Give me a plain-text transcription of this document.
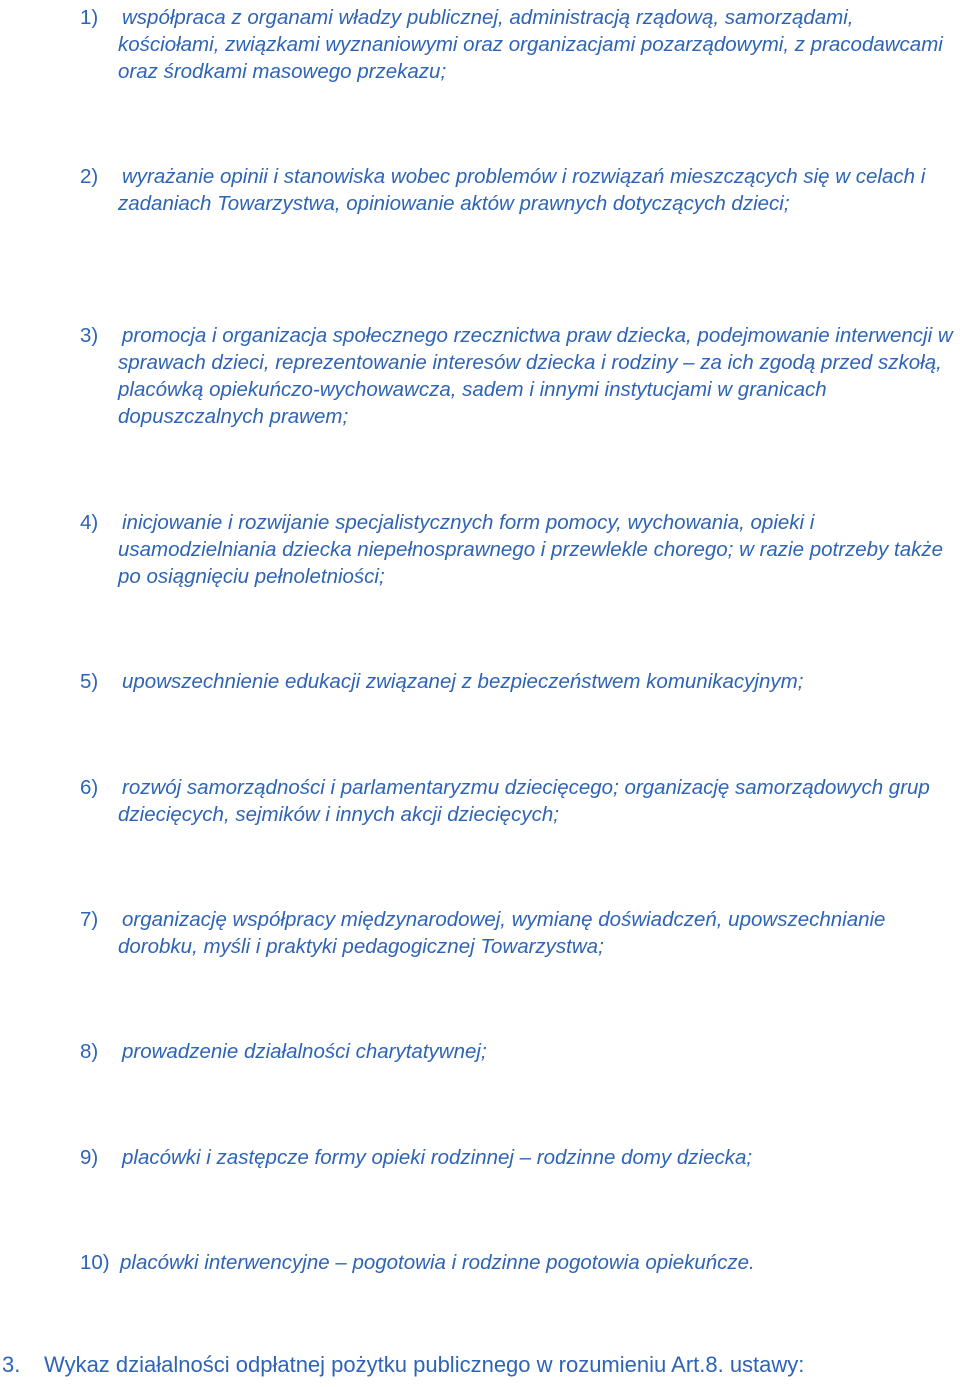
1)	współpraca z organami władzy publicznej, administracją rządową, samorządami, kościołami, związkami wyznaniowymi oraz organizacjami pozarządowymi, z pracodawcami oraz środkami masowego przekazu;
2)	wyrażanie opinii i stanowiska wobec problemów i rozwiązań mieszczących się w celach i zadaniach Towarzystwa, opiniowanie aktów prawnych dotyczących dzieci;
3)	promocja i organizacja społecznego rzecznictwa praw dziecka, podejmowanie interwencji w sprawach dzieci, reprezentowanie interesów dziecka i rodziny – za ich zgodą przed szkołą, placówką opiekuńczo-wychowawcza, sadem i innymi instytucjami w granicach dopuszczalnych prawem;
4)	inicjowanie i rozwijanie specjalistycznych form pomocy, wychowania, opieki i usamodzielniania dziecka niepełnosprawnego i przewlekle chorego; w razie potrzeby także po osiągnięciu pełnoletniości;
5)	upowszechnienie edukacji związanej z bezpieczeństwem komunikacyjnym;
6)	rozwój samorządności i parlamentaryzmu dziecięcego; organizację samorządowych grup dziecięcych, sejmików i innych akcji dziecięcych;
7)	organizację współpracy międzynarodowej, wymianę doświadczeń, upowszechnianie dorobku, myśli i praktyki pedagogicznej Towarzystwa;
8)	prowadzenie działalności charytatywnej;
9)	placówki i zastępcze formy opieki rodzinnej – rodzinne domy dziecka;
10) placówki interwencyjne – pogotowia i rodzinne pogotowia opiekuńcze.
3. Wykaz działalności odpłatnej pożytku publicznego w rozumieniu Art.8. ustawy:
